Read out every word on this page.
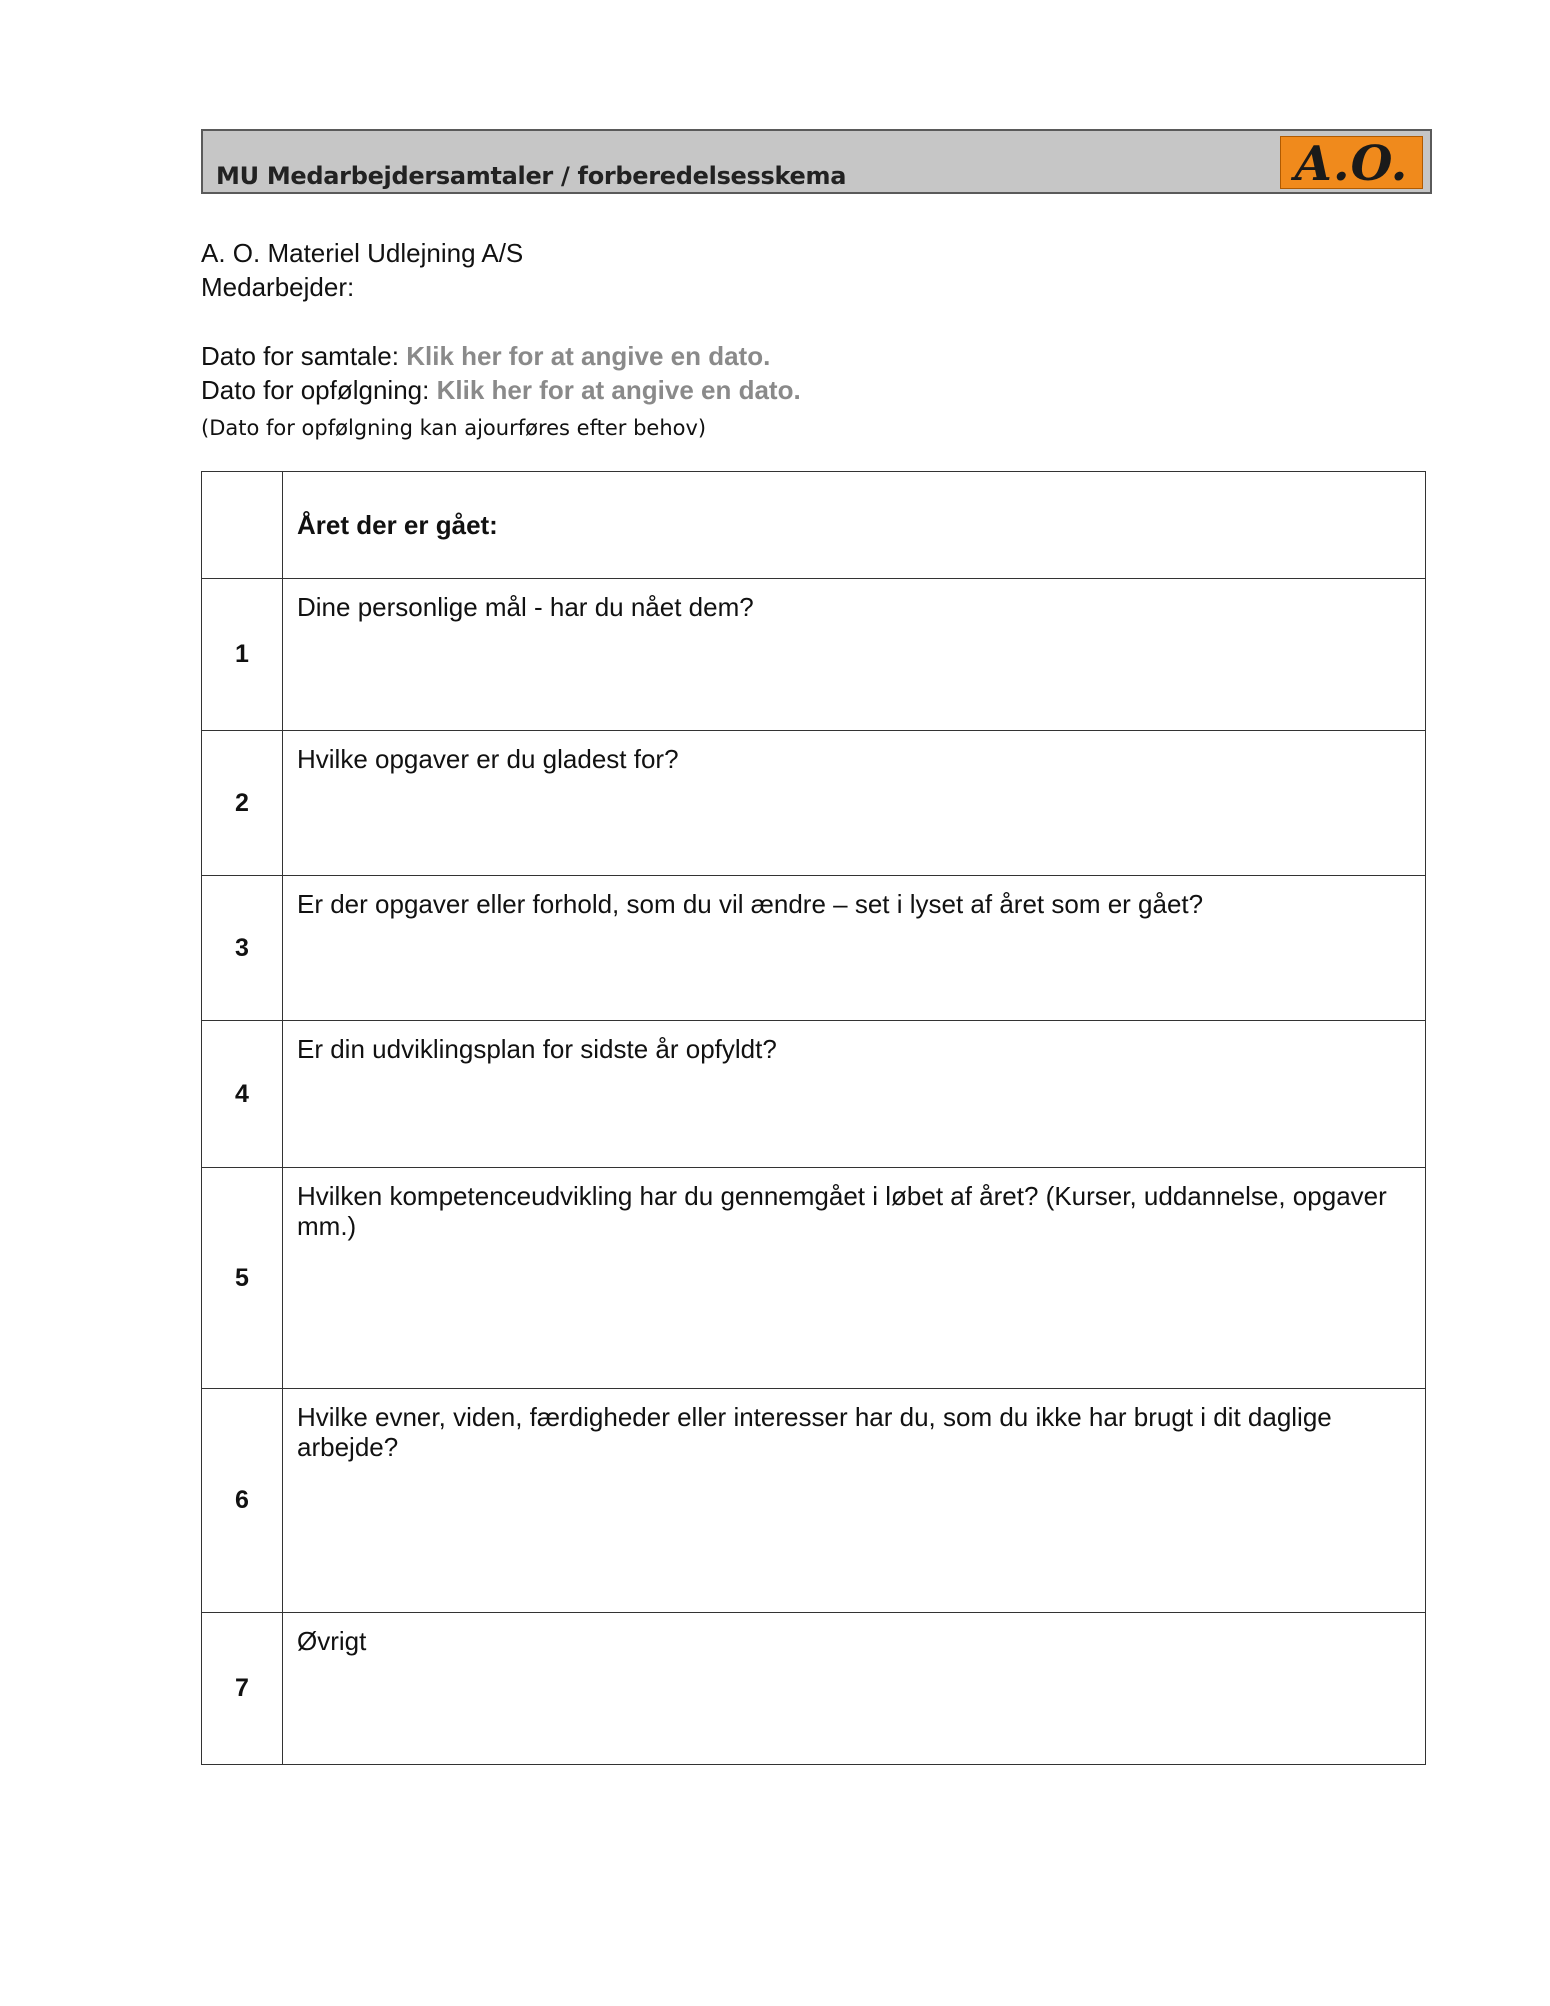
MU Medarbejdersamtaler / forberedelsesskema	A.O.
A. O. Materiel Udlejning A/S
Medarbejder:
Dato for samtale: Klik her for at angive en dato.
Dato for opfølgning: Klik her for at angive en dato.
(Dato for opfølgning kan ajourføres efter behov)
	Året der er gået:
1	Dine personlige mål - har du nået dem?
2	Hvilke opgaver er du gladest for?
3	Er der opgaver eller forhold, som du vil ændre – set i lyset af året som er gået?
4	Er din udviklingsplan for sidste år opfyldt?
5	Hvilken kompetenceudvikling har du gennemgået i løbet af året? (Kurser, uddannelse, opgaver mm.)
6	Hvilke evner, viden, færdigheder eller interesser har du, som du ikke har brugt i dit daglige arbejde?
7	Øvrigt
